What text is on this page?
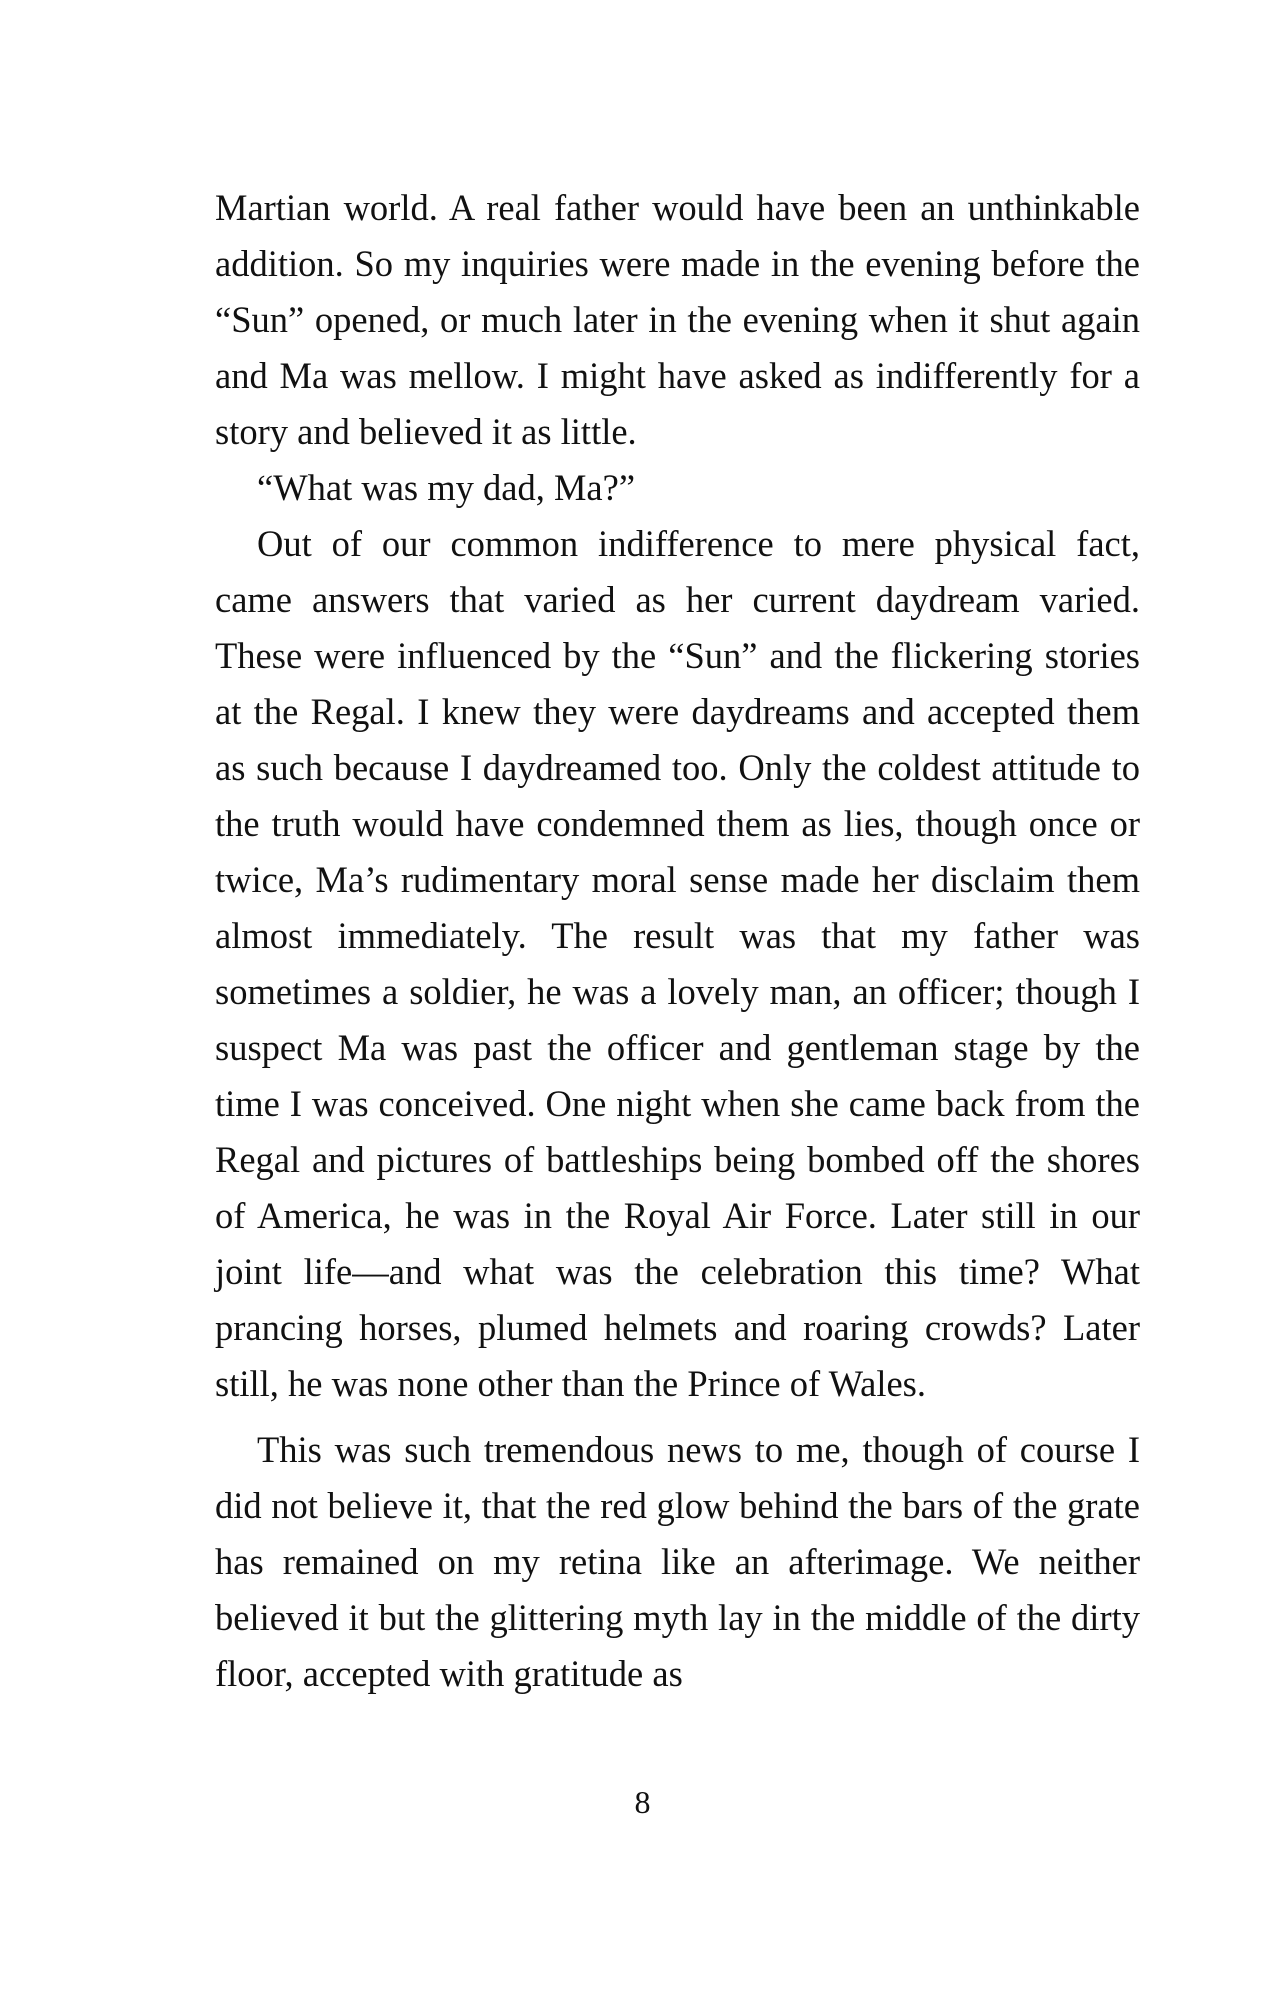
Martian world. A real father would have been an unthinkable addition. So my inquiries were made in the evening before the “Sun” opened, or much later in the evening when it shut again and Ma was mellow. I might have asked as indifferently for a story and believed it as little.

“What was my dad, Ma?”

Out of our common indifference to mere physical fact, came answers that varied as her current daydream varied. These were influenced by the “Sun” and the flickering stories at the Regal. I knew they were daydreams and accepted them as such because I daydreamed too. Only the coldest attitude to the truth would have condemned them as lies, though once or twice, Ma’s rudimentary moral sense made her disclaim them almost immediately. The result was that my father was sometimes a soldier, he was a lovely man, an officer; though I suspect Ma was past the officer and gentleman stage by the time I was conceived. One night when she came back from the Regal and pictures of battleships being bombed off the shores of America, he was in the Royal Air Force. Later still in our joint life—and what was the celebration this time? What prancing horses, plumed helmets and roaring crowds? Later still, he was none other than the Prince of Wales.

This was such tremendous news to me, though of course I did not believe it, that the red glow behind the bars of the grate has remained on my retina like an afterimage. We neither believed it but the glittering myth lay in the middle of the dirty floor, accepted with gratitude as

8
